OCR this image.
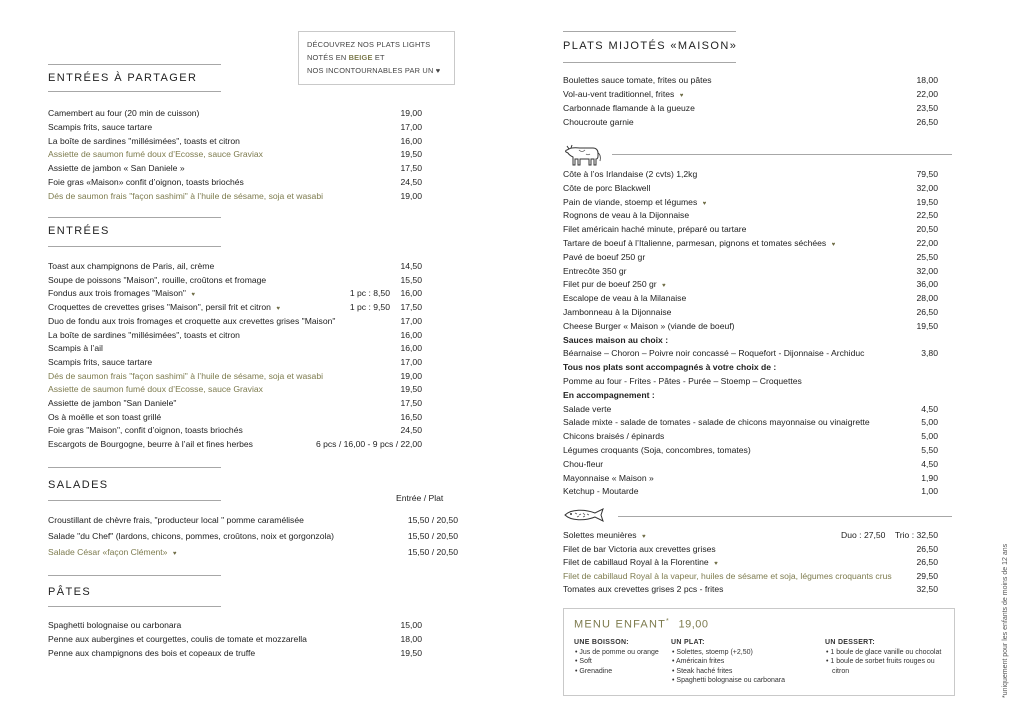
DÉCOUVREZ NOS PLATS LIGHTS
NOTÉS EN BEIGE ET
NOS INCONTOURNABLES PAR UN ♥
ENTRÉES À PARTAGER
ENTRÉES
SALADES
Entrée / Plat
PÂTES
PLATS MIJOTÉS «MAISON»
MENU ENFANT* 19,00
UNE BOISSON:
• Jus de pomme ou orange
• Soft
• Grenadine
UN PLAT:
• Solettes, stoemp (+2,50)
• Américain frites
• Steak haché frites
• Spaghetti bolognaise ou carbonara
UN DESSERT:
• 1 boule de glace vanille ou chocolat
• 1 boule de sorbet fruits rouges ou citron	*uniquement pour les enfants de moins de 12 ans
Camembert au four (20 min de cuisson)	19,00
Scampis frits, sauce tartare	17,00
La boîte de sardines "millésimées", toasts et citron	16,00
Assiette de saumon fumé doux d’Ecosse, sauce Graviax	19,50
Assiette de jambon « San Daniele »	17,50
Foie gras «Maison» confit d’oignon, toasts briochés	24,50
Dés de saumon frais "façon sashimi" à l’huile de sésame, soja et wasabi	19,00
Toast aux champignons de Paris, ail, crème	14,50
Soupe de poissons "Maison", rouille, croûtons et fromage	15,50
Fondus aux trois fromages "Maison" ♥	1 pc : 8,50 16,00
Croquettes de crevettes grises "Maison", persil frit et citron ♥	1 pc : 9,50 17,50
Duo de fondu aux trois fromages et croquette aux crevettes grises "Maison"	17,00
La boîte de sardines "millésimées", toasts et citron	16,00
Scampis à l’ail	16,00
Scampis frits, sauce tartare	17,00
Dés de saumon frais "façon sashimi" à l’huile de sésame, soja et wasabi	19,00
Assiette de saumon fumé doux d’Ecosse, sauce Graviax	19,50
Assiette de jambon "San Daniele"	17,50
Os à moëlle et son toast grillé	16,50
Foie gras "Maison", confit d’oignon, toasts briochés	24,50
Escargots de Bourgogne, beurre à l’ail et fines herbes	6 pcs / 16,00 - 9 pcs / 22,00
Croustillant de chèvre frais, "producteur local " pomme caramélisée	15,50 / 20,50
Salade "du Chef" (lardons, chicons, pommes, croûtons, noix et gorgonzola)	15,50 / 20,50
Salade César «façon Clément» ♥	15,50 / 20,50
Spaghetti bolognaise ou carbonara	15,00
Penne aux aubergines et courgettes, coulis de tomate et mozzarella	18,00
Penne aux champignons des bois et copeaux de truffe	19,50
Boulettes sauce tomate, frites ou pâtes	18,00
Vol-au-vent traditionnel, frites ♥	22,00
Carbonnade flamande à la gueuze	23,50
Choucroute garnie	26,50
Côte à l’os Irlandaise (2 cvts) 1,2kg	79,50
Côte de porc Blackwell	32,00
Pain de viande, stoemp et légumes ♥	19,50
Rognons de veau à la Dijonnaise	22,50
Filet américain haché minute, préparé ou tartare	20,50
Tartare de boeuf à l’Italienne, parmesan, pignons et tomates séchées ♥	22,00
Pavé de boeuf 250 gr	25,50
Entrecôte 350 gr	32,00
Filet pur de boeuf 250 gr ♥	36,00
Escalope de veau à la Milanaise	28,00
Jambonneau à la Dijonnaise	26,50
Cheese Burger « Maison » (viande de boeuf)	19,50
Sauces maison au choix :
Béarnaise – Choron – Poivre noir concassé – Roquefort - Dijonnaise - Archiduc	3,80
Tous nos plats sont accompagnés à votre choix de :
Pomme au four - Frites - Pâtes - Purée – Stoemp – Croquettes
En accompagnement :
Salade verte	4,50
Salade mixte - salade de tomates - salade de chicons mayonnaise ou vinaigrette	5,00
Chicons braisés / épinards	5,00
Légumes croquants (Soja, concombres, tomates)	5,50
Chou-fleur	4,50
Mayonnaise « Maison »	1,90
Ketchup - Moutarde	1,00
Solettes meunières ♥	Duo : 27,50    Trio : 32,50
Filet de bar Victoria aux crevettes grises	26,50
Filet de cabillaud Royal à la Florentine ♥	26,50
Filet de cabillaud Royal à la vapeur, huiles de sésame et soja, légumes croquants crus	29,50
Tomates aux crevettes grises 2 pcs - frites	32,50
